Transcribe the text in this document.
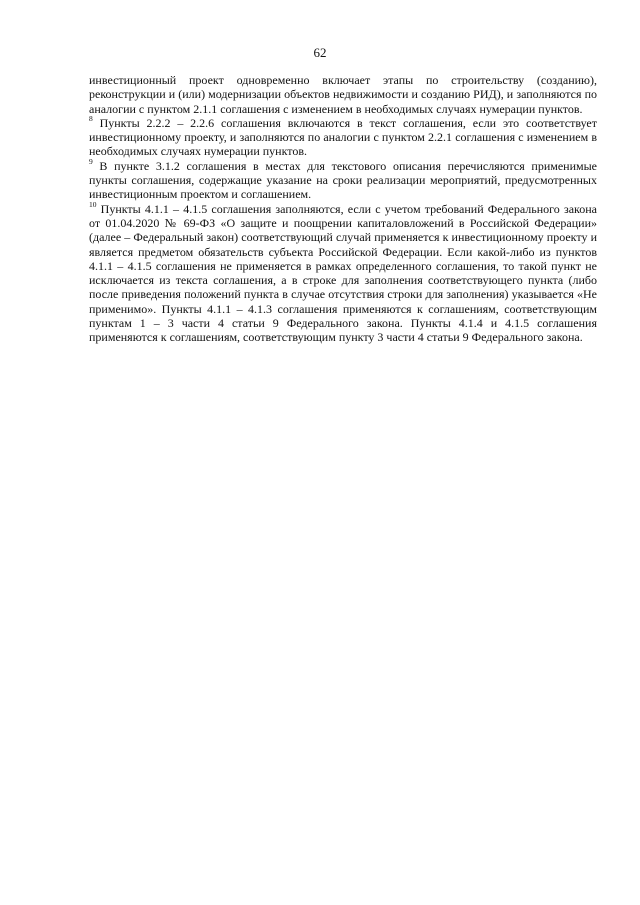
62

инвестиционный проект одновременно включает этапы по строительству (созданию), реконструкции и (или) модернизации объектов недвижимости и созданию РИД), и заполняются по аналогии с пунктом 2.1.1 соглашения с изменением в необходимых случаях нумерации пунктов.

$^8$ Пункты 2.2.2 – 2.2.6 соглашения включаются в текст соглашения, если это соответствует инвестиционному проекту, и заполняются по аналогии с пунктом 2.2.1 соглашения с изменением в необходимых случаях нумерации пунктов.

$^9$ В пункте 3.1.2 соглашения в местах для текстового описания перечисляются применимые пункты соглашения, содержащие указание на сроки реализации мероприятий, предусмотренных инвестиционным проектом и соглашением.

$^{10}$ Пункты 4.1.1 – 4.1.5 соглашения заполняются, если с учетом требований Федерального закона от 01.04.2020 № 69-ФЗ «О защите и поощрении капиталовложений в Российской Федерации» (далее – Федеральный закон) соответствующий случай применяется к инвестиционному проекту и является предметом обязательств субъекта Российской Федерации. Если какой-либо из пунктов 4.1.1 – 4.1.5 соглашения не применяется в рамках определенного соглашения, то такой пункт не исключается из текста соглашения, а в строке для заполнения соответствующего пункта (либо после приведения положений пункта в случае отсутствия строки для заполнения) указывается «Не применимо». Пункты 4.1.1 – 4.1.3 соглашения применяются к соглашениям, соответствующим пунктам 1 – 3 части 4 статьи 9 Федерального закона. Пункты 4.1.4 и 4.1.5 соглашения применяются к соглашениям, соответствующим пункту 3 части 4 статьи 9 Федерального закона.
